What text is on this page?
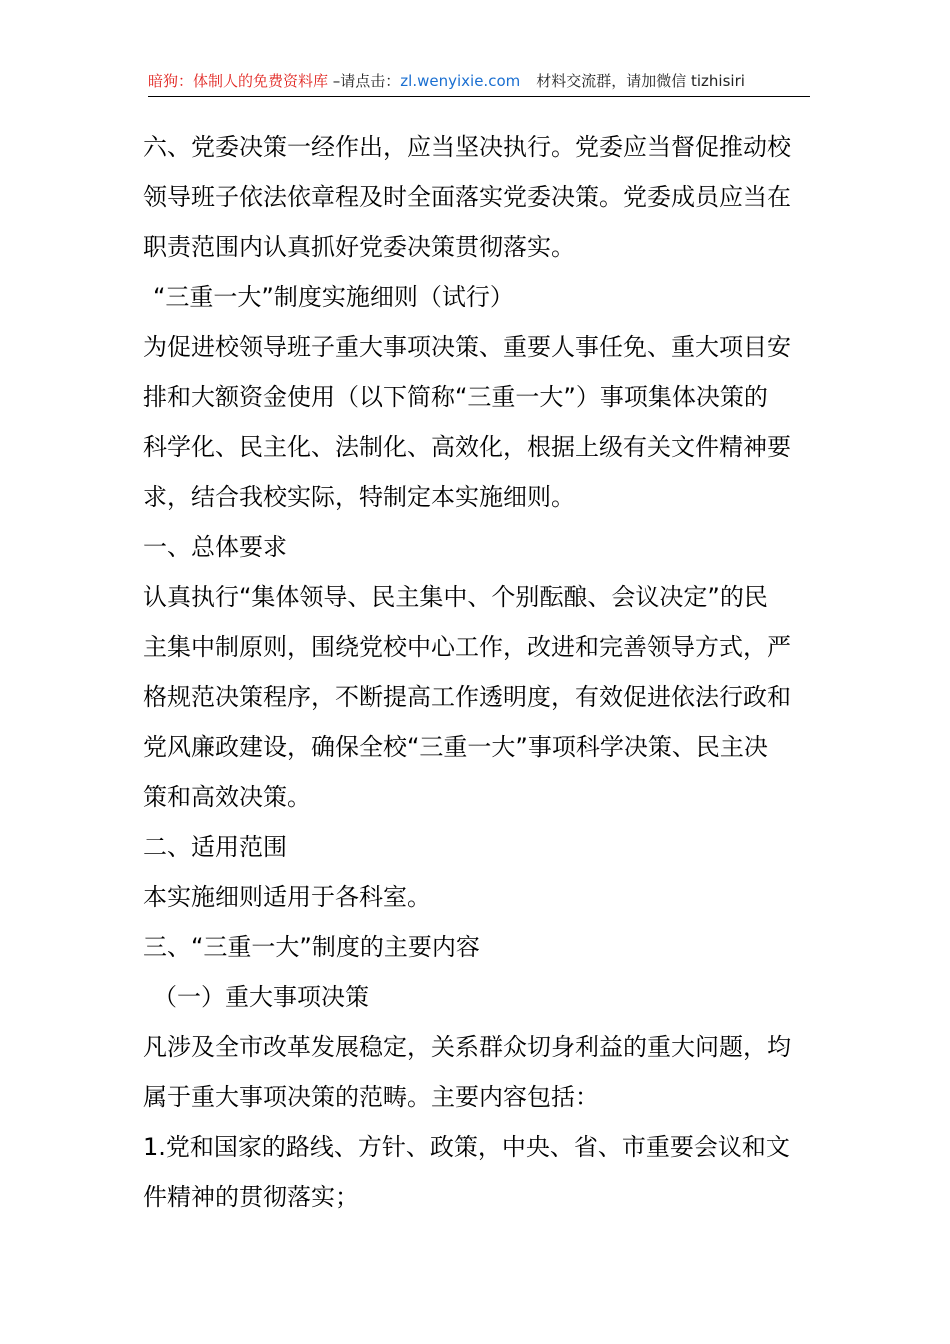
暗狗：体制人的免费资料库 –请点击：zl.wenyixie.com 材料交流群，请加微信 tizhisiri
六、党委决策一经作出，应当坚决执行。党委应当督促推动校
领导班子依法依章程及时全面落实党委决策。党委成员应当在
职责范围内认真抓好党委决策贯彻落实。
“三重一大”制度实施细则（试行）
为促进校领导班子重大事项决策、重要人事任免、重大项目安
排和大额资金使用（以下简称“三重一大”）事项集体决策的
科学化、民主化、法制化、高效化，根据上级有关文件精神要
求，结合我校实际，特制定本实施细则。
一、总体要求
认真执行“集体领导、民主集中、个别酝酿、会议决定”的民
主集中制原则，围绕党校中心工作，改进和完善领导方式，严
格规范决策程序，不断提高工作透明度，有效促进依法行政和
党风廉政建设，确保全校“三重一大”事项科学决策、民主决
策和高效决策。
二、适用范围
本实施细则适用于各科室。
三、“三重一大”制度的主要内容
（一）重大事项决策
凡涉及全市改革发展稳定，关系群众切身利益的重大问题，均
属于重大事项决策的范畴。主要内容包括：
1.党和国家的路线、方针、政策，中央、省、市重要会议和文
件精神的贯彻落实；
